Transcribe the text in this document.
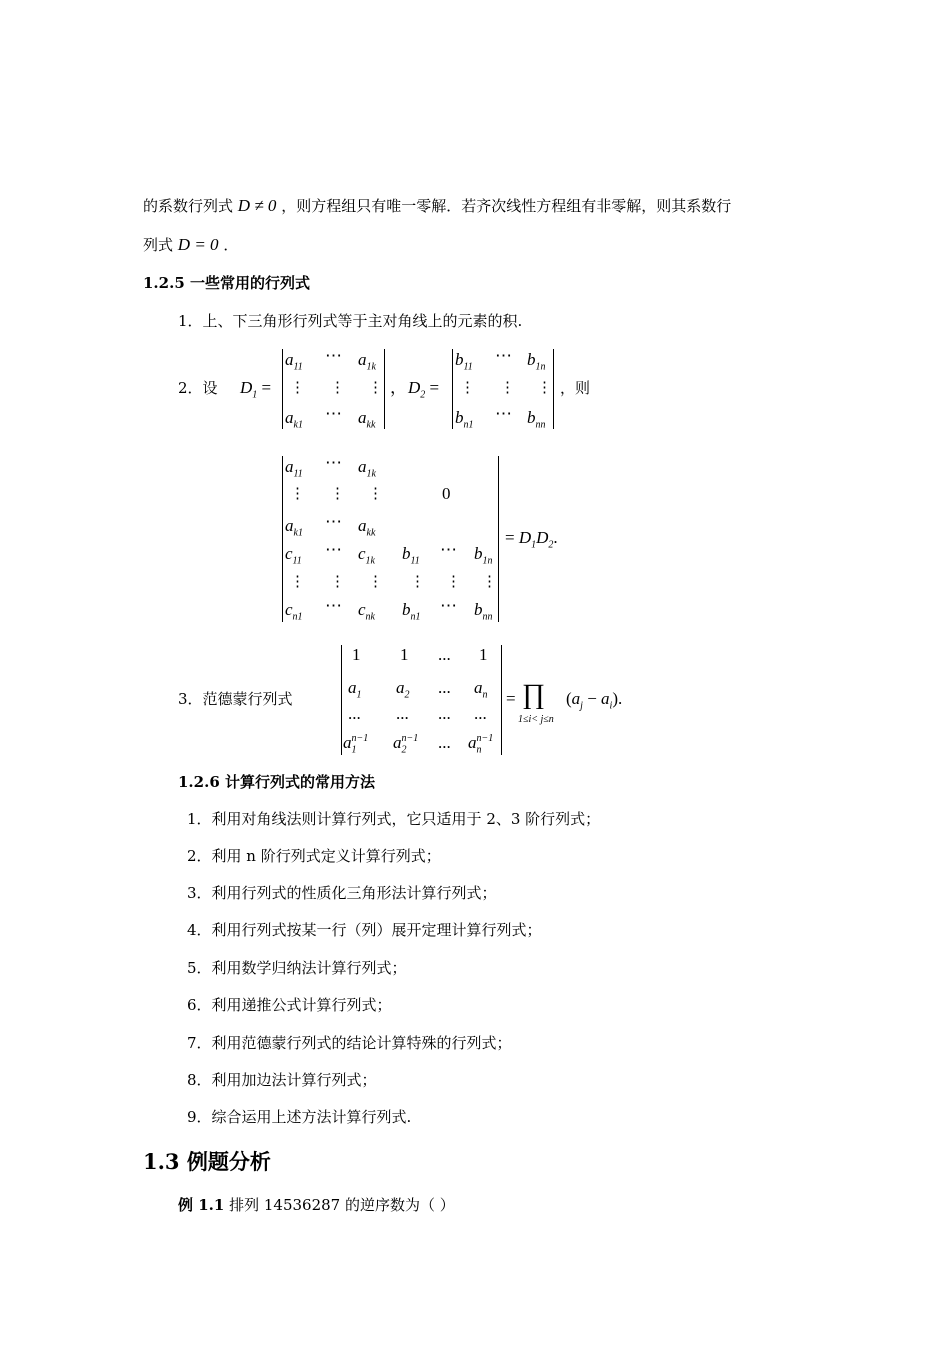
的系数行列式 D ≠ 0 ，则方程组只有唯一零解．若齐次线性方程组有非零解，则其系数行
列式 D = 0 ．
1.2.5 一些常用的行列式
1．上、下三角形行列式等于主对角线上的元素的积.
2．设 $D_1$ =
$a_{11}$
⋯ $a_{1k}$
⋮ ⋮ ⋮
$a_{k1}$
⋯ $a_{kk}$
， $D_2$ =
$b_{11}$
⋯ $b_{1n}$
⋮ ⋮ ⋮
$b_{n1}$
⋯ $b_{nn}$
，则
$a_{11}$
⋯ $a_{1k}$
⋮ ⋮ ⋮	0
$a_{k1}$
⋯ $a_{kk}$
$c_{11}$
⋯ $c_{1k}$ $b_{11}$
⋯ $b_{1n}$
⋮ ⋮ ⋮ ⋮ ⋮ ⋮
$c_{n1}$
⋯ $c_{nk}$ $b_{n1}$
⋯ $b_{nn}$
= $D_1D_2$.
3．范德蒙行列式
1 1 ... 1
$a_1$ $a_2$ ... $a_n$
... ... ... ...
$a_1^{n-1}$ $a_2^{n-1}$ ... $a_n^{n-1}$
= ∏
1≤i< j≤n
$(a_j - a_i)$.
1.2.6 计算行列式的常用方法
1．利用对角线法则计算行列式，它只适用于 2、3 阶行列式；
2．利用 n 阶行列式定义计算行列式；
3．利用行列式的性质化三角形法计算行列式；
4．利用行列式按某一行（列）展开定理计算行列式；
5．利用数学归纳法计算行列式；
6．利用递推公式计算行列式；
7．利用范德蒙行列式的结论计算特殊的行列式；
8．利用加边法计算行列式；
9．综合运用上述方法计算行列式.
1.3 例题分析
例 1.1 排列 14536287 的逆序数为（ ）
